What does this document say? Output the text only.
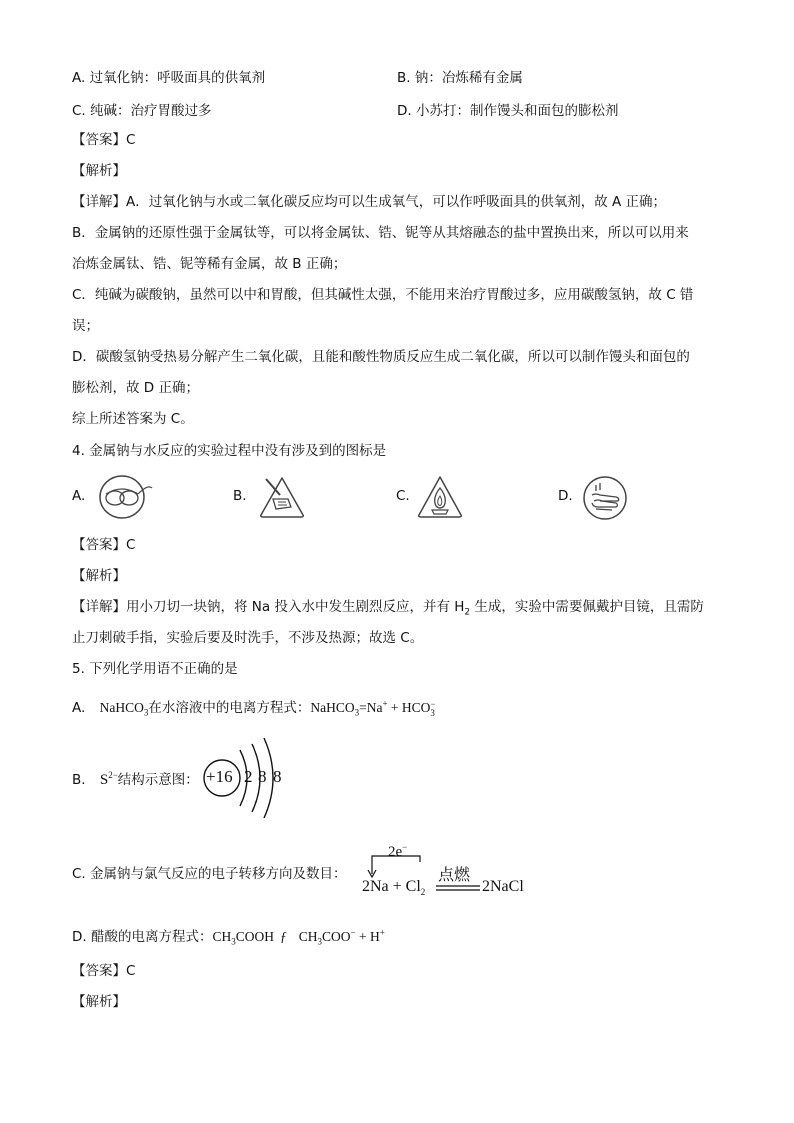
A. 过氧化钠：呼吸面具的供氧剂	B. 钠：冶炼稀有金属
C. 纯碱：治疗胃酸过多	D. 小苏打：制作馒头和面包的膨松剂
【答案】C
【解析】
【详解】A．过氧化钠与水或二氧化碳反应均可以生成氧气，可以作呼吸面具的供氧剂，故 A 正确；
B．金属钠的还原性强于金属钛等，可以将金属钛、锆、铌等从其熔融态的盐中置换出来，所以可以用来
冶炼金属钛、锆、铌等稀有金属，故 B 正确；
C．纯碱为碳酸钠，虽然可以中和胃酸，但其碱性太强，不能用来治疗胃酸过多，应用碳酸氢钠，故 C 错
误；
D．碳酸氢钠受热易分解产生二氧化碳，且能和酸性物质反应生成二氧化碳，所以可以制作馒头和面包的
膨松剂，故 D 正确；
综上所述答案为 C。
4. 金属钠与水反应的实验过程中没有涉及到的图标是
A.	B.	C.	D.
【答案】C
【解析】
【详解】用小刀切一块钠，将 Na 投入水中发生剧烈反应，并有 $H_2$ 生成，实验中需要佩戴护目镜，且需防
止刀刺破手指，实验后要及时洗手，不涉及热源；故选 C。
5. 下列化学用语不正确的是
A. NaHCO$_3$在水溶液中的电离方程式：NaHCO$_3$=Na+ + HCO −
3
B. $S^{2-}$结构示意图： +16 2 8 8
C. 金属钠与氯气反应的电子转移方向及数目：
2e−
点燃
$2Na + Cl_2$	2NaCl
D. 醋酸的电离方程式：$CH_3COOH$ ƒ $CH_3COO^- + H^+$
【答案】C
【解析】
